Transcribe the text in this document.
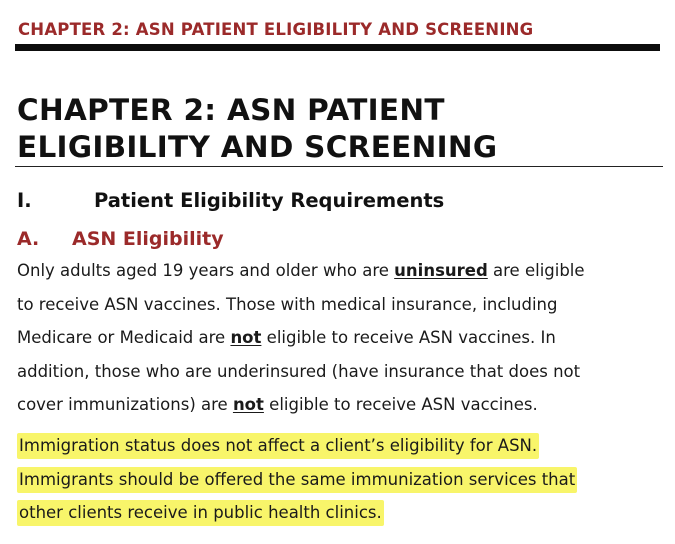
CHAPTER 2: ASN PATIENT ELIGIBILITY AND SCREENING
CHAPTER 2: ASN PATIENT
ELIGIBILITY AND SCREENING
I.	Patient Eligibility Requirements
A. ASN Eligibility
Only adults aged 19 years and older who are uninsured are eligible
to receive ASN vaccines. Those with medical insurance, including
Medicare or Medicaid are not eligible to receive ASN vaccines. In
addition, those who are underinsured (have insurance that does not
cover immunizations) are not eligible to receive ASN vaccines.
Immigration status does not affect a client’s eligibility for ASN.
Immigrants should be offered the same immunization services that
other clients receive in public health clinics.
